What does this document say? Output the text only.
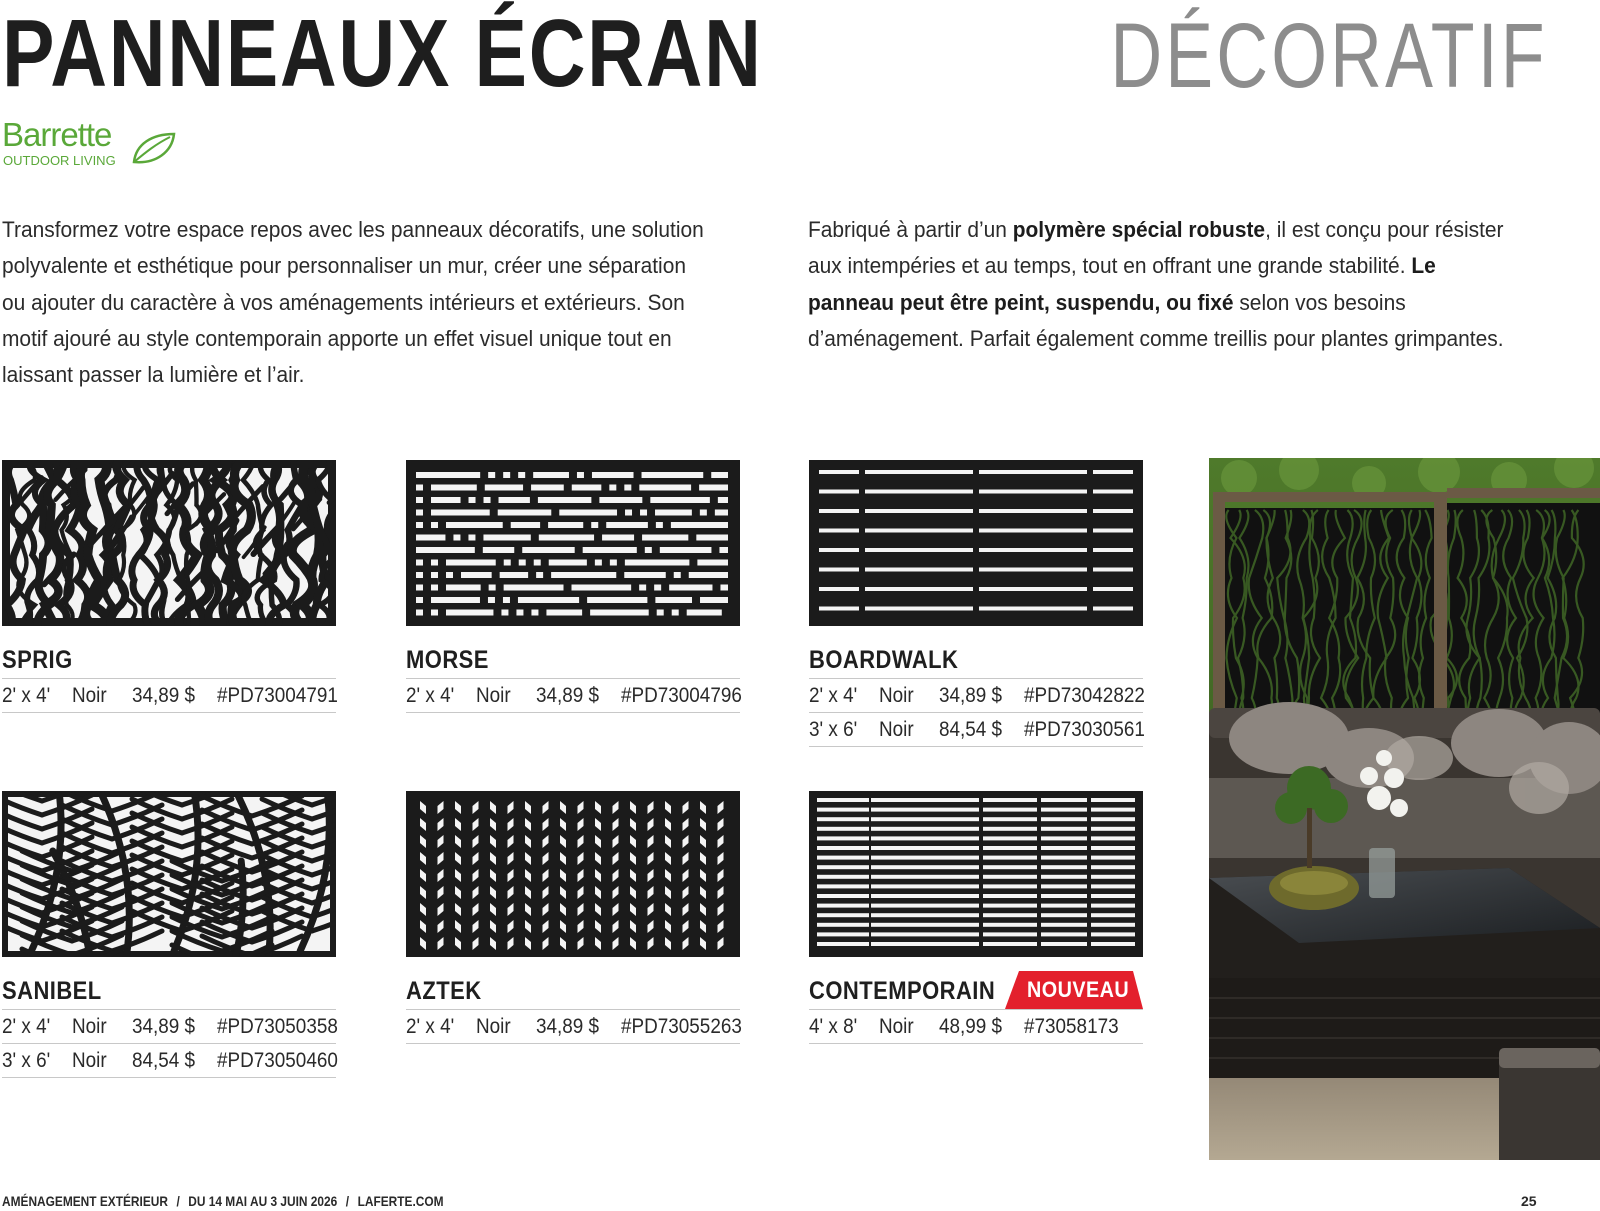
PANNEAUX ÉCRAN	DÉCORATIF
Barrette
OUTDOOR LIVING
Transformez votre espace repos avec les panneaux décoratifs, une solution polyvalente et esthétique pour personnaliser un mur, créer une séparation ou ajouter du caractère à vos aménagements intérieurs et extérieurs. Son motif ajouré au style contemporain apporte un effet visuel unique tout en laissant passer la lumière et l’air.
Fabriqué à partir d’un polymère spécial robuste, il est conçu pour résister aux intempéries et au temps, tout en offrant une grande stabilité. Le panneau peut être peint, suspendu, ou fixé selon vos besoins d’aménagement. Parfait également comme treillis pour plantes grimpantes.
SPRIG	MORSE	BOARDWALK
SANIBEL	AZTEK	CONTEMPORAIN NOUVEAU
2' x 4' Noir 34,89 $ #PD73004791	2' x 4' Noir 34,89 $ #PD73004796	2' x 4' Noir 34,89 $ #PD73042822
3' x 6' Noir 84,54 $ #PD73030561
2' x 4' Noir 34,89 $ #PD73050358
3' x 6' Noir 84,54 $ #PD73050460
2' x 4' Noir 34,89 $ #PD73055263	4' x 8' Noir 48,99 $ #73058173
AMÉNAGEMENT EXTÉRIEUR / DU 14 MAI AU 3 JUIN 2026 / LAFERTE.COM	25
